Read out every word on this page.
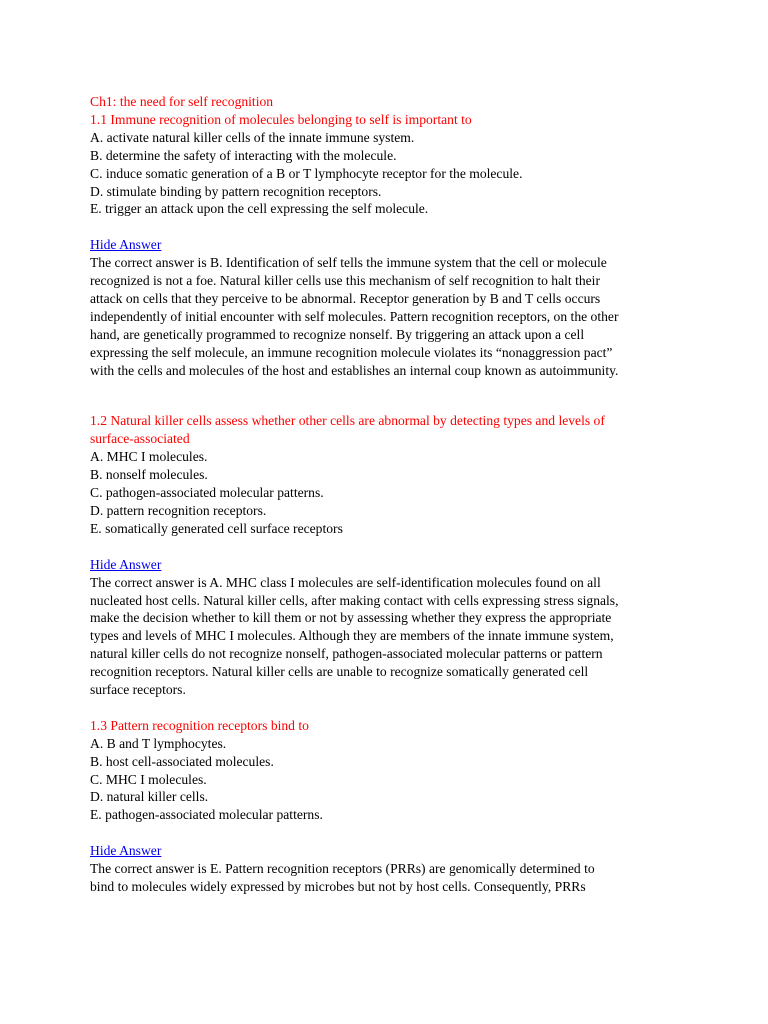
Ch1: the need for self recognition
1.1 Immune recognition of molecules belonging to self is important to
A. activate natural killer cells of the innate immune system.
B. determine the safety of interacting with the molecule.
C. induce somatic generation of a B or T lymphocyte receptor for the molecule.
D. stimulate binding by pattern recognition receptors.
E. trigger an attack upon the cell expressing the self molecule.
Hide Answer
The correct answer is B. Identification of self tells the immune system that the cell or molecule
recognized is not a foe. Natural killer cells use this mechanism of self recognition to halt their
attack on cells that they perceive to be abnormal. Receptor generation by B and T cells occurs
independently of initial encounter with self molecules. Pattern recognition receptors, on the other
hand, are genetically programmed to recognize nonself. By triggering an attack upon a cell
expressing the self molecule, an immune recognition molecule violates its “nonaggression pact”
with the cells and molecules of the host and establishes an internal coup known as autoimmunity.
1.2 Natural killer cells assess whether other cells are abnormal by detecting types and levels of
surface-associated
A. MHC I molecules.
B. nonself molecules.
C. pathogen-associated molecular patterns.
D. pattern recognition receptors.
E. somatically generated cell surface receptors
Hide Answer
The correct answer is A. MHC class I molecules are self-identification molecules found on all
nucleated host cells. Natural killer cells, after making contact with cells expressing stress signals,
make the decision whether to kill them or not by assessing whether they express the appropriate
types and levels of MHC I molecules. Although they are members of the innate immune system,
natural killer cells do not recognize nonself, pathogen-associated molecular patterns or pattern
recognition receptors. Natural killer cells are unable to recognize somatically generated cell
surface receptors.
1.3 Pattern recognition receptors bind to
A. B and T lymphocytes.
B. host cell-associated molecules.
C. MHC I molecules.
D. natural killer cells.
E. pathogen-associated molecular patterns.
Hide Answer
The correct answer is E. Pattern recognition receptors (PRRs) are genomically determined to
bind to molecules widely expressed by microbes but not by host cells. Consequently, PRRs
